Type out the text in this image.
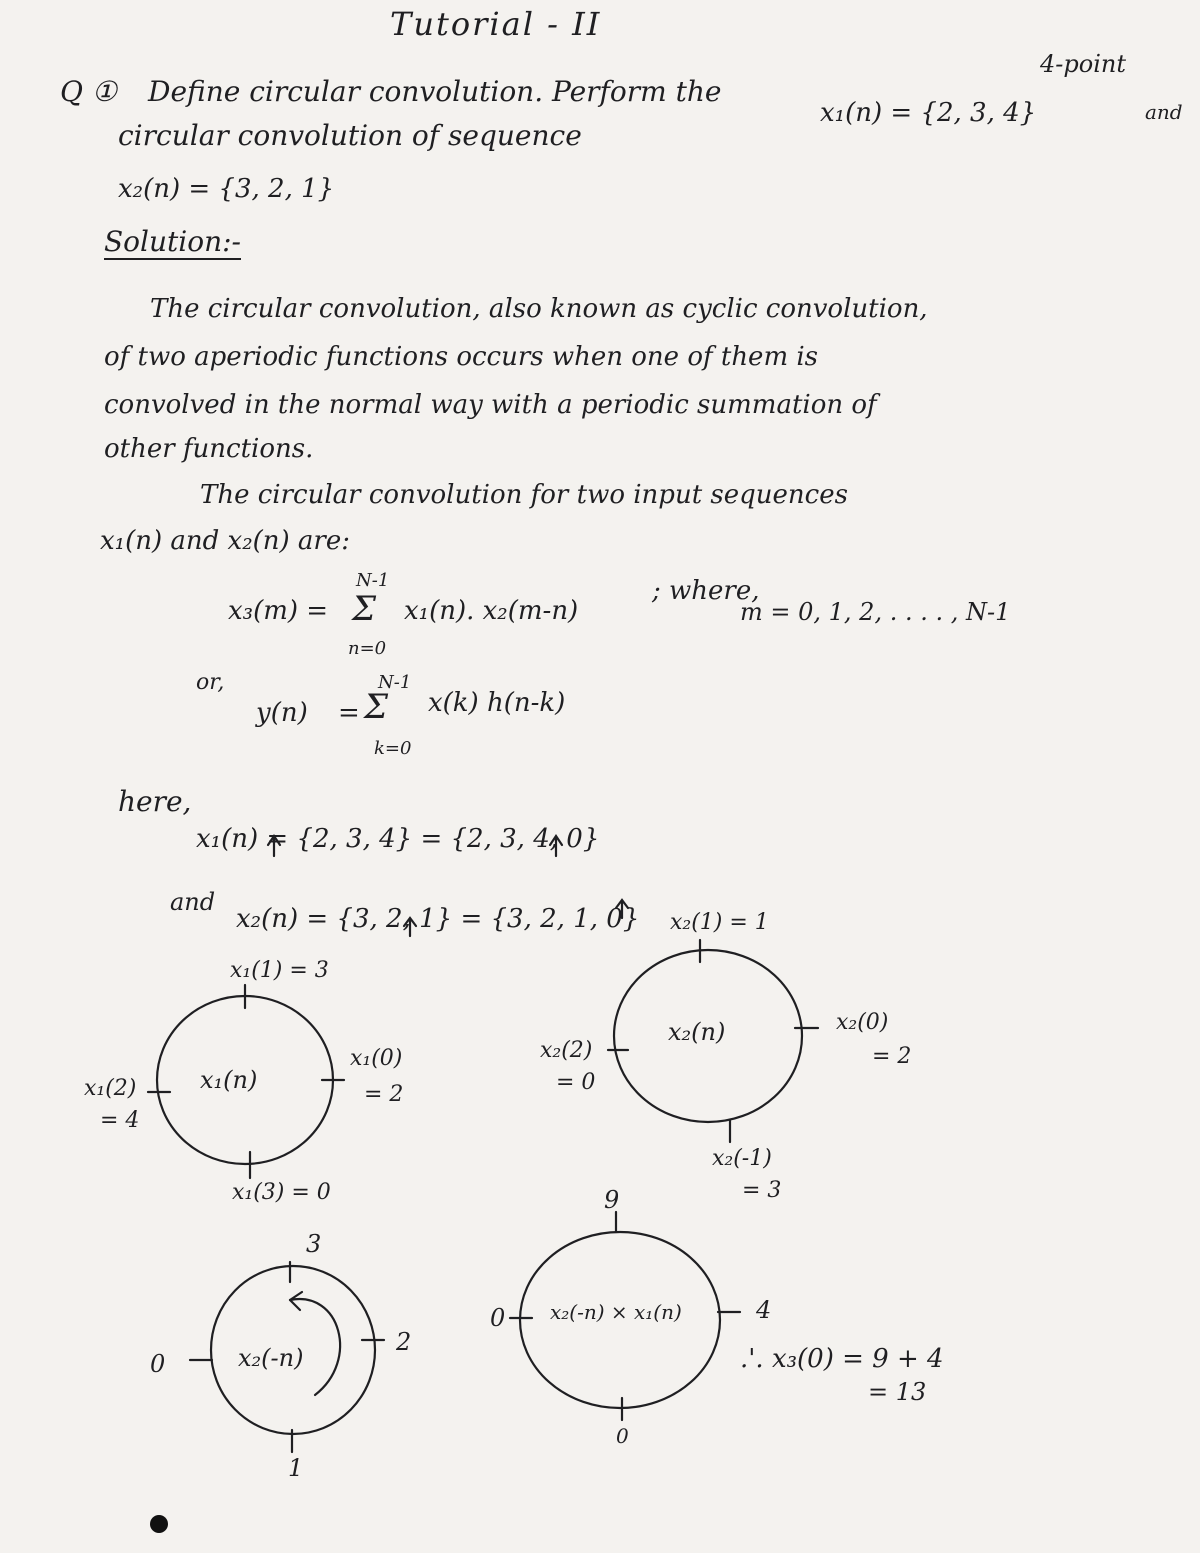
Tutorial - II
Q ① Define circular convolution. Perform the
4-point
circular convolution of sequence
x₁(n) = {2, 3, 4}	and
x₂(n) = {3, 2, 1}
Solution:-
The circular convolution, also known as cyclic convolution,
of two aperiodic functions occurs when one of them is
convolved in the normal way with a periodic summation of
other functions.
The circular convolution for two input sequences
x₁(n) and x₂(n) are:
x₃(m) =
N-1
Σ
n=0
x₁(n). x₂(m-n)
; where,
m = 0, 1, 2, . . . . , N-1
or,
y(n) =
N-1
Σ
k=0
x(k) h(n-k)
here,
x₁(n) = {2, 3, 4} = {2, 3, 4, 0}
and
x₂(n) = {3, 2, 1} = {3, 2, 1, 0}
x₁(n)
x₁(1) = 3
x₁(0)
= 2
x₁(2)
= 4
x₁(3) = 0
x₂(n)
x₂(1) = 1
x₂(0)
= 2
x₂(2)
= 0
x₂(-1)
= 3
x₂(-n)
3
2
0
1
x₂(-n) × x₁(n)
9
4
0
0
.'. x₃(0) = 9 + 4
= 13
